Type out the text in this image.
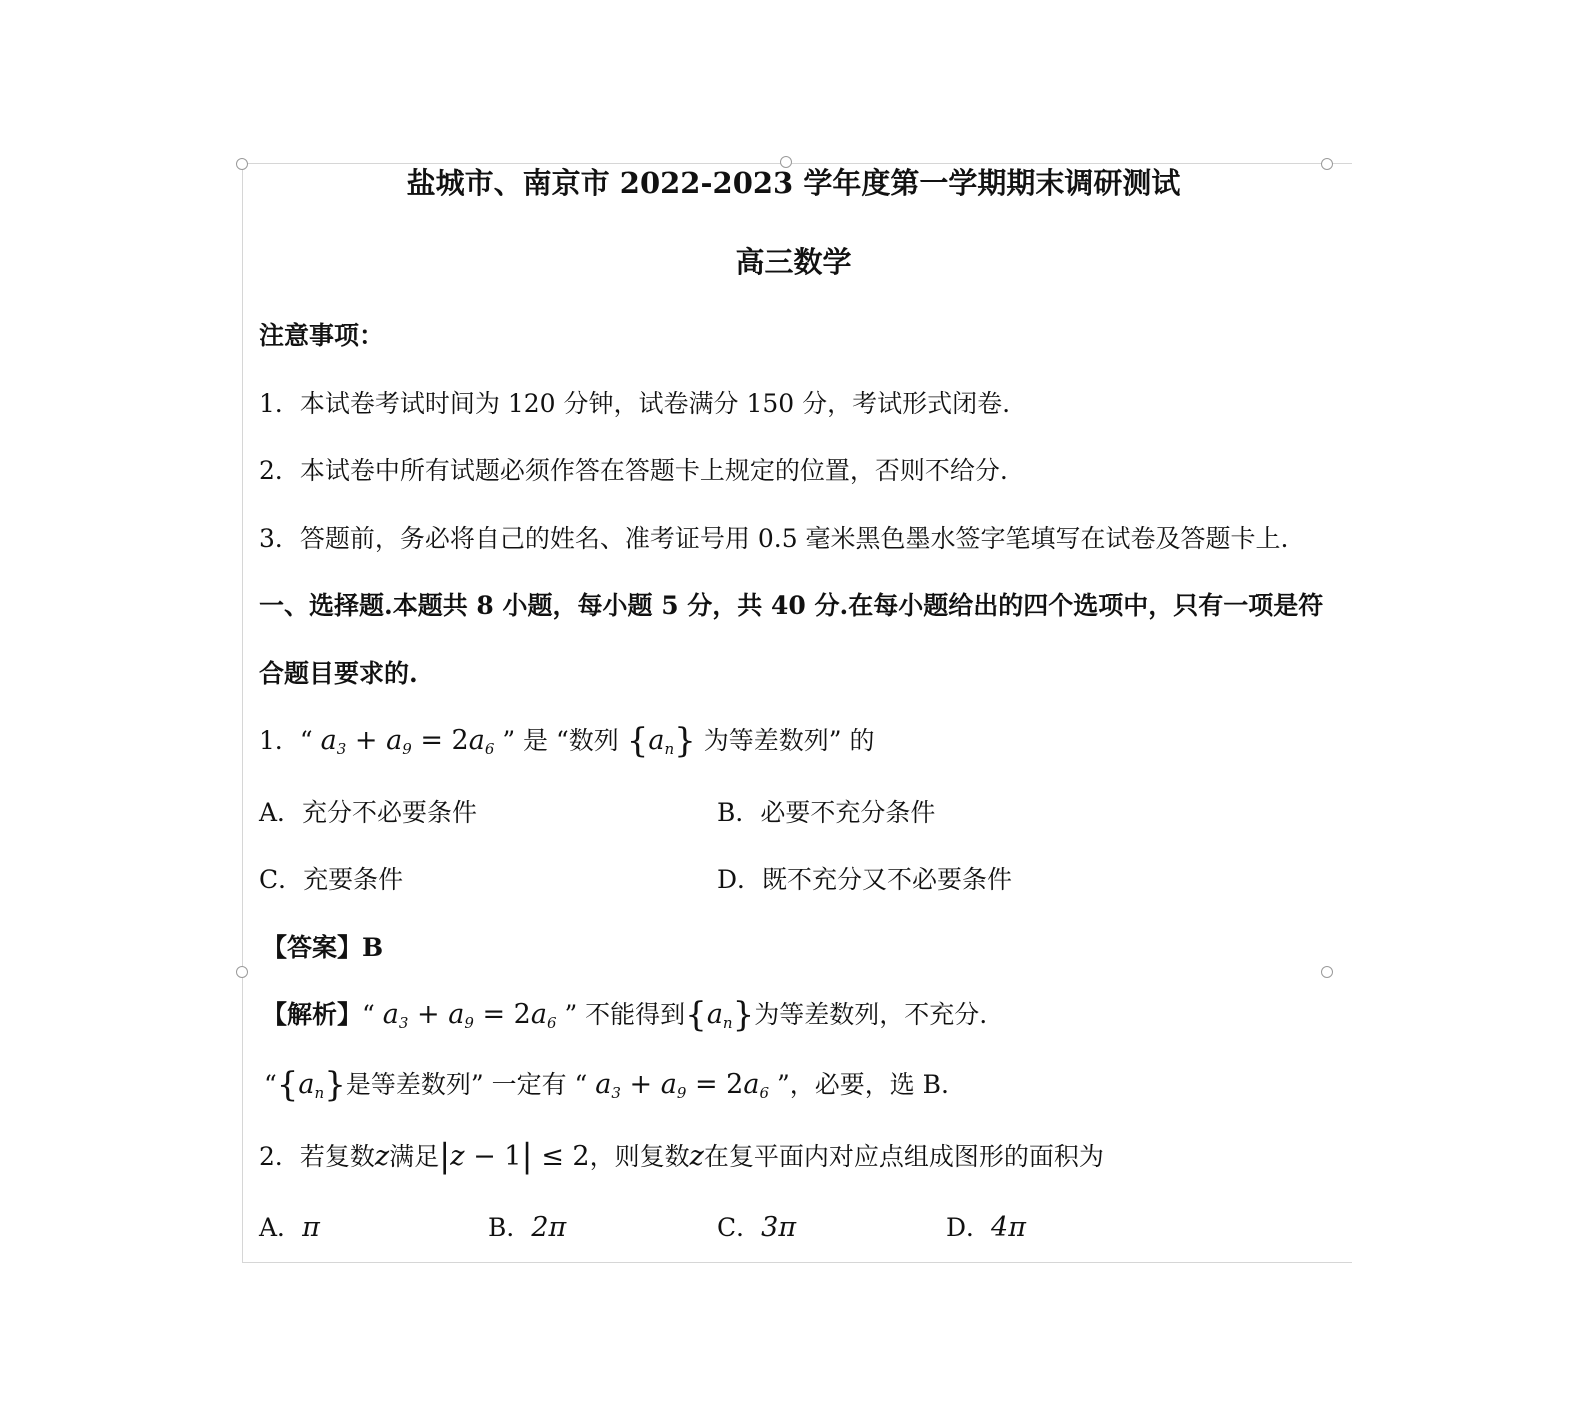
盐城市、南京市 2022-2023 学年度第一学期期末调研测试
高三数学
注意事项：
1．本试卷考试时间为 120 分钟，试卷满分 150 分，考试形式闭卷.
2．本试卷中所有试题必须作答在答题卡上规定的位置，否则不给分.
3．答题前，务必将自己的姓名、准考证号用 0.5 毫米黑色墨水签字笔填写在试卷及答题卡上.
一、选择题.本题共 8 小题，每小题 5 分，共 40 分.在每小题给出的四个选项中，只有一项是符
合题目要求的.
1．“ $a_3 + a_9 = 2a_6$ ” 是 “数列 $\{a_n\}$ 为等差数列” 的
A．充分不必要条件	B．必要不充分条件
C．充要条件	D．既不充分又不必要条件
【答案】B
【解析】“ $a_3 + a_9 = 2a_6$ ” 不能得到$\{a_n\}$为等差数列，不充分.
“$\{a_n\}$是等差数列” 一定有 “ $a_3 + a_9 = 2a_6$ ”，必要，选 B.
2．若复数z满足|z − 1| ≤ 2，则复数z在复平面内对应点组成图形的面积为
A．π	B．2π	C．3π	D．4π
